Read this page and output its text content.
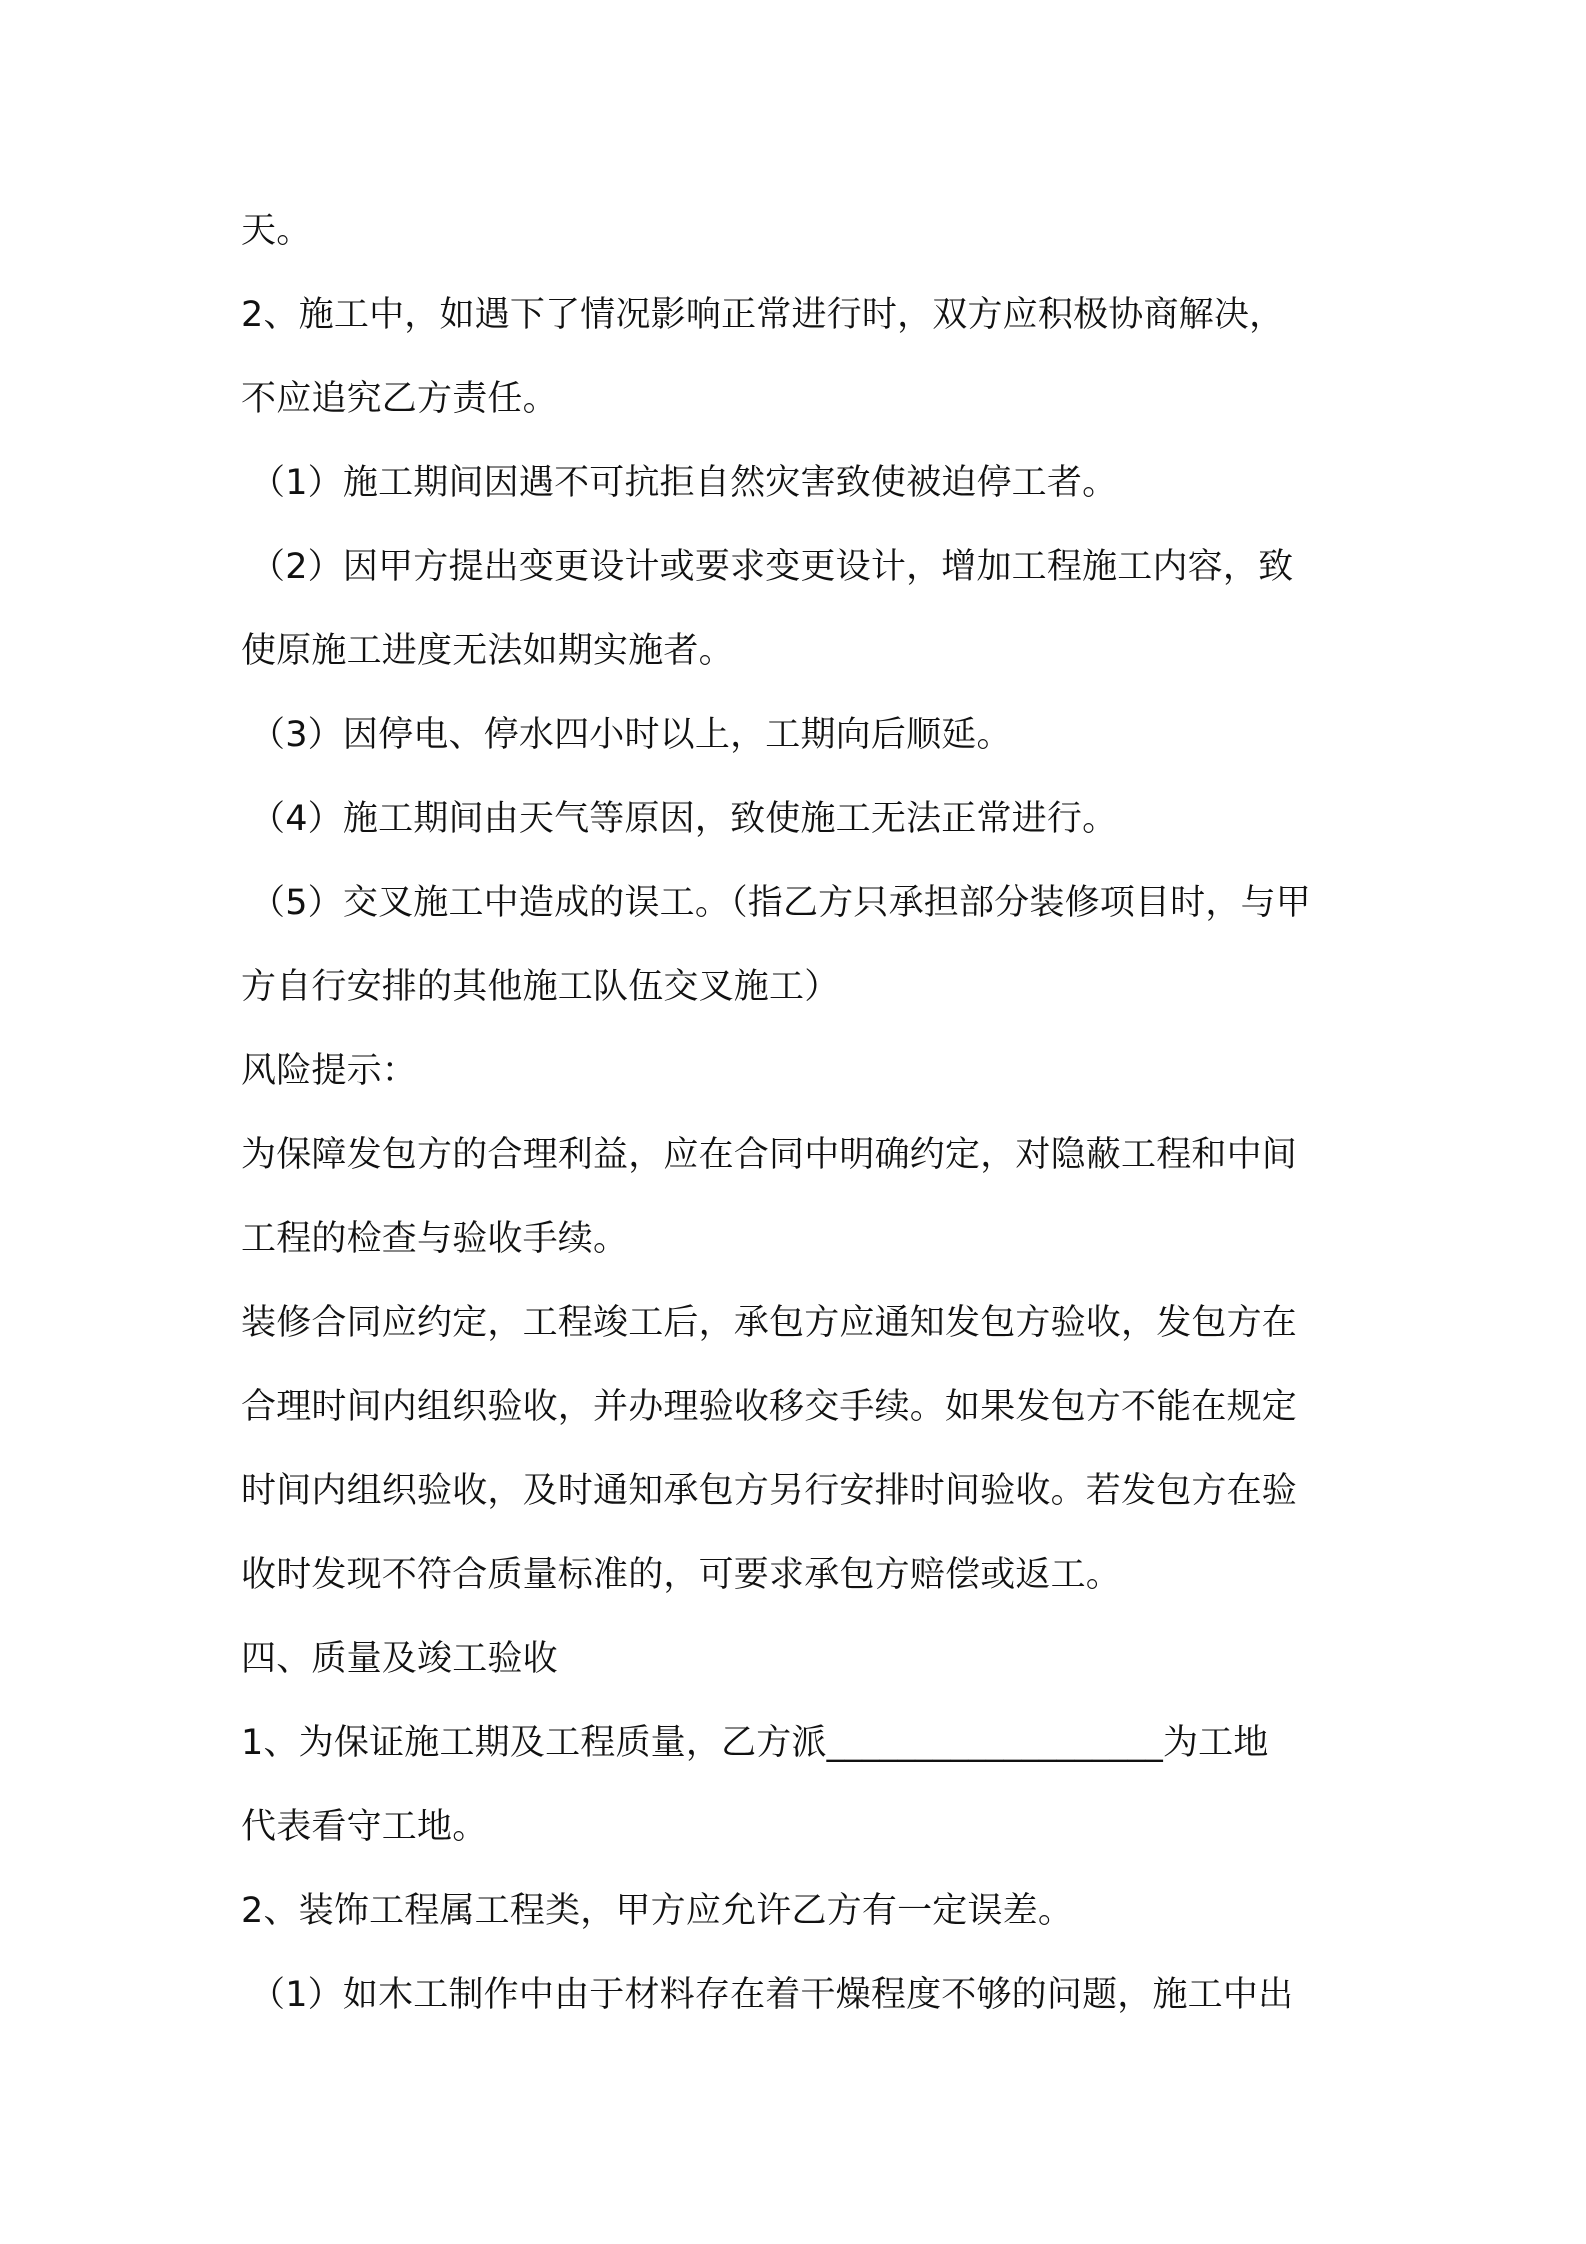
天。

2、施工中，如遇下了情况影响正常进行时，双方应积极协商解决，

不应追究乙方责任。

（1）施工期间因遇不可抗拒自然灾害致使被迫停工者。

（2）因甲方提出变更设计或要求变更设计，增加工程施工内容，致

使原施工进度无法如期实施者。

（3）因停电、停水四小时以上，工期向后顺延。

（4）施工期间由天气等原因，致使施工无法正常进行。

（5）交叉施工中造成的误工。（指乙方只承担部分装修项目时，与甲

方自行安排的其他施工队伍交叉施工）

风险提示：

为保障发包方的合理利益，应在合同中明确约定，对隐蔽工程和中间

工程的检查与验收手续。

装修合同应约定，工程竣工后，承包方应通知发包方验收，发包方在

合理时间内组织验收，并办理验收移交手续。如果发包方不能在规定

时间内组织验收，及时通知承包方另行安排时间验收。若发包方在验

收时发现不符合质量标准的，可要求承包方赔偿或返工。

四、质量及竣工验收

1、为保证施工期及工程质量，乙方派___________________为工地

代表看守工地。

2、装饰工程属工程类，甲方应允许乙方有一定误差。

（1）如木工制作中由于材料存在着干燥程度不够的问题，施工中出
